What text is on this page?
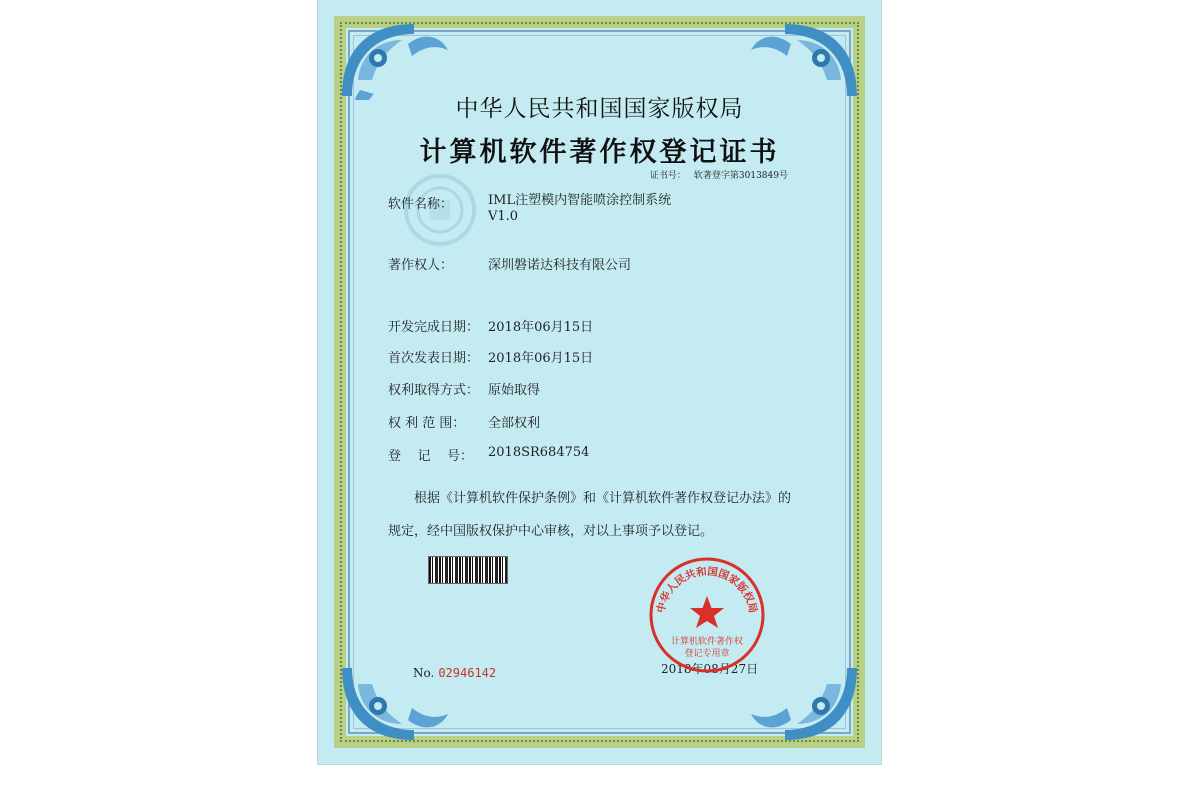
中华人民共和国国家版权局
计算机软件著作权登记证书
证书号： 软著登字第3013849号
软件名称：	IML注塑模内智能喷涂控制系统
V1.0
著作权人：	深圳磐诺达科技有限公司
开发完成日期： 2018年06月15日
首次发表日期： 2018年06月15日
权利取得方式： 原始取得
权 利 范 围：	全部权利
登    记    号：	2018SR684754
根据《计算机软件保护条例》和《计算机软件著作权登记办法》的
规定，经中国版权保护中心审核，对以上事项予以登记。
No. 02946142	2018年08月27日
中华人民共和国国家版权局
计算机软件著作权
登记专用章
